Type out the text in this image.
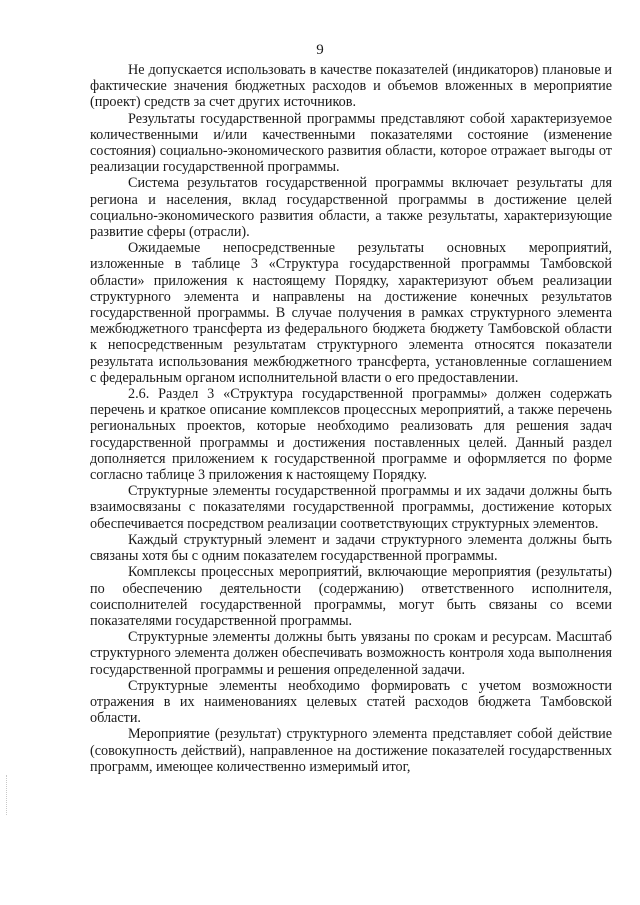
9

Не допускается использовать в качестве показателей (индикаторов) плановые и фактические значения бюджетных расходов и объемов вложенных в мероприятие (проект) средств за счет других источников.

Результаты государственной программы представляют собой характеризуемое количественными и/или качественными показателями состояние (изменение состояния) социально-экономического развития области, которое отражает выгоды от реализации государственной программы.

Система результатов государственной программы включает результаты для региона и населения, вклад государственной программы в достижение целей социально-экономического развития области, а также результаты, характеризующие развитие сферы (отрасли).

Ожидаемые непосредственные результаты основных мероприятий, изложенные в таблице 3 «Структура государственной программы Тамбовской области» приложения к настоящему Порядку, характеризуют объем реализации структурного элемента и направлены на достижение конечных результатов государственной программы. В случае получения в рамках структурного элемента межбюджетного трансферта из федерального бюджета бюджету Тамбовской области к непосредственным результатам структурного элемента относятся показатели результата использования межбюджетного трансферта, установленные соглашением с федеральным органом исполнительной власти о его предоставлении.

2.6. Раздел 3 «Структура государственной программы» должен содержать перечень и краткое описание комплексов процессных мероприятий, а также перечень региональных проектов, которые необходимо реализовать для решения задач государственной программы и достижения поставленных целей. Данный раздел дополняется приложением к государственной программе и оформляется по форме согласно таблице 3 приложения к настоящему Порядку.

Структурные элементы государственной программы и их задачи должны быть взаимосвязаны с показателями государственной программы, достижение которых обеспечивается посредством реализации соответствующих структурных элементов.

Каждый структурный элемент и задачи структурного элемента должны быть связаны хотя бы с одним показателем государственной программы.

Комплексы процессных мероприятий, включающие мероприятия (результаты) по обеспечению деятельности (содержанию) ответственного исполнителя, соисполнителей государственной программы, могут быть связаны со всеми показателями государственной программы.

Структурные элементы должны быть увязаны по срокам и ресурсам. Масштаб структурного элемента должен обеспечивать возможность контроля хода выполнения государственной программы и решения определенной задачи.

Структурные элементы необходимо формировать с учетом возможности отражения в их наименованиях целевых статей расходов бюджета Тамбовской области.

Мероприятие (результат) структурного элемента представляет собой действие (совокупность действий), направленное на достижение показателей государственных программ, имеющее количественно измеримый итог,
